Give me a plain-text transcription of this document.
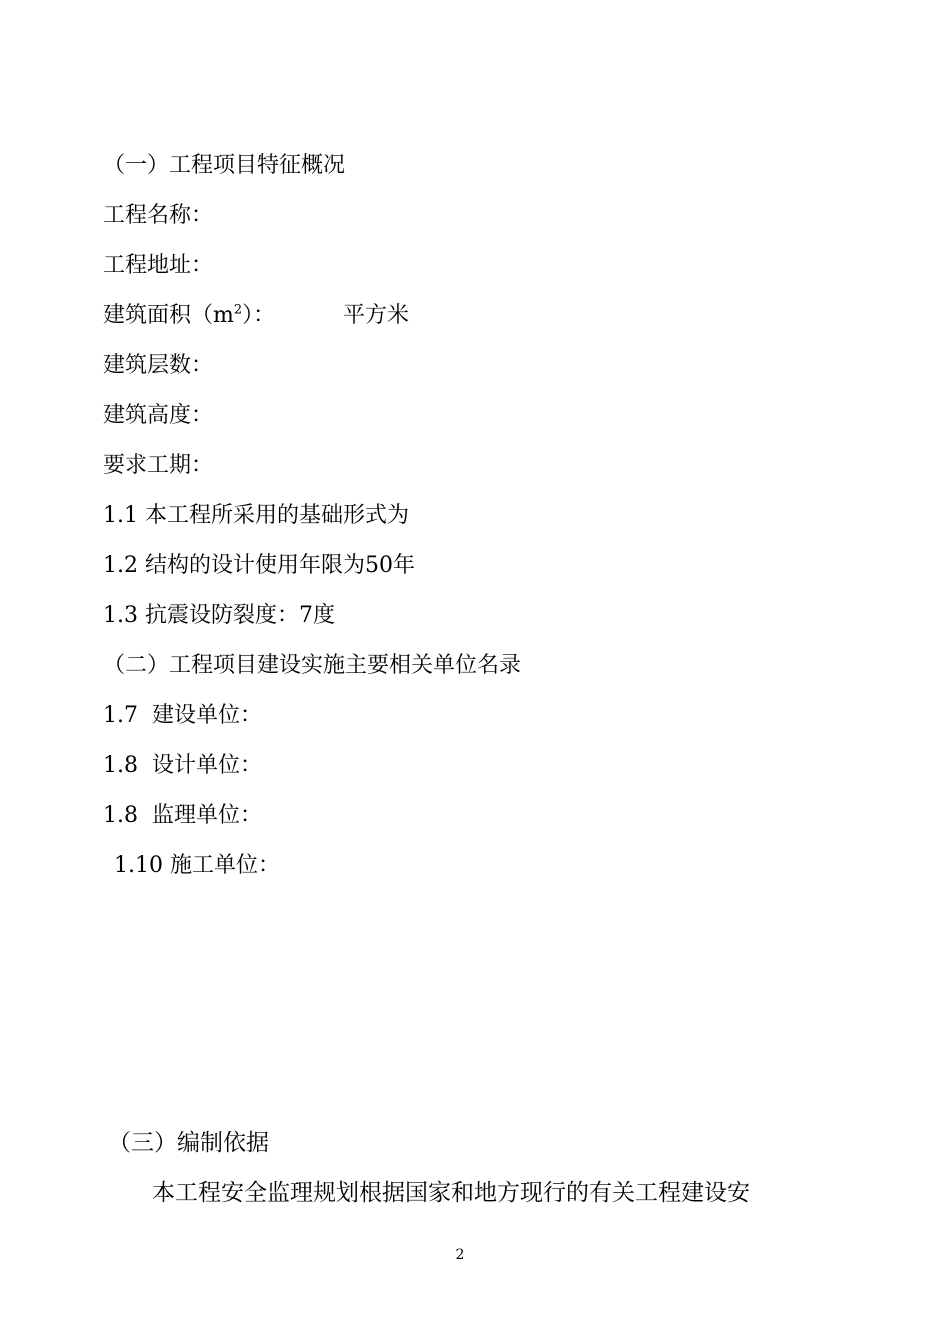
（一）工程项目特征概况
工程名称：
工程地址：
建筑面积$(m^2)$：	平方米
建筑层数：
建筑高度：
要求工期：
1.1 本工程所采用的基础形式为
1.2 结构的设计使用年限为50年
1.3 抗震设防裂度：7度
（二）工程项目建设实施主要相关单位名录
1.7  建设单位：
1.8  设计单位：
1.8  监理单位：
1.10 施工单位：
（三）编制依据
本工程安全监理规划根据国家和地方现行的有关工程建设安
2
